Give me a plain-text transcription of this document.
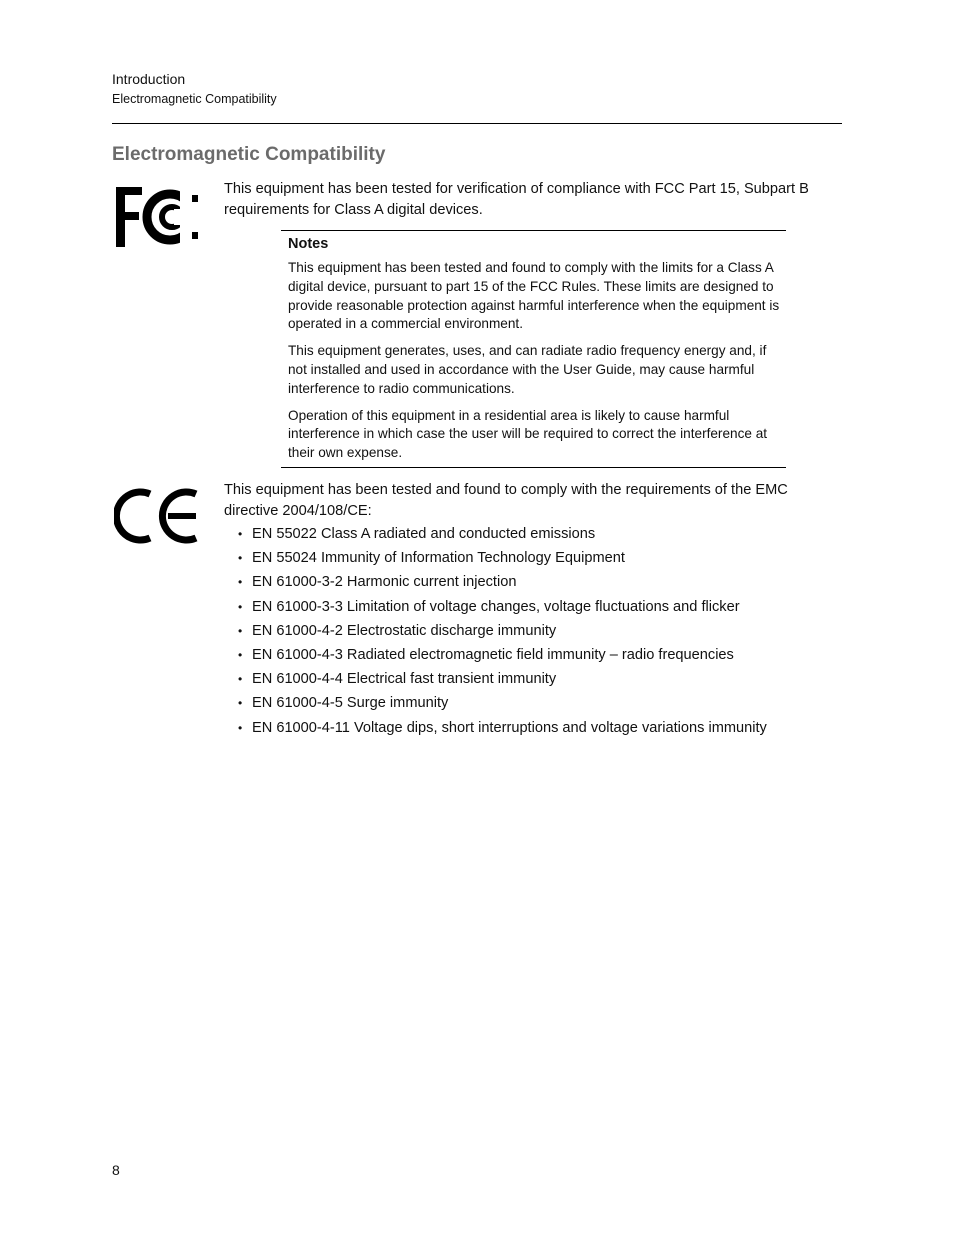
Introduction
Electromagnetic Compatibility
Electromagnetic Compatibility
This equipment has been tested for verification of compliance with FCC Part 15, Subpart B requirements for Class A digital devices.
Notes

This equipment has been tested and found to comply with the limits for a Class A digital device, pursuant to part 15 of the FCC Rules. These limits are designed to provide reasonable protection against harmful interference when the equipment is operated in a commercial environment.

This equipment generates, uses, and can radiate radio frequency energy and, if not installed and used in accordance with the User Guide, may cause harmful interference to radio communications.

Operation of this equipment in a residential area is likely to cause harmful interference in which case the user will be required to correct the interference at their own expense.

This equipment has been tested and found to comply with the requirements of the EMC directive 2004/108/CE:
• EN 55022 Class A radiated and conducted emissions
• EN 55024 Immunity of Information Technology Equipment
• EN 61000-3-2 Harmonic current injection
• EN 61000-3-3 Limitation of voltage changes, voltage fluctuations and flicker
• EN 61000-4-2 Electrostatic discharge immunity
• EN 61000-4-3 Radiated electromagnetic field immunity – radio frequencies
• EN 61000-4-4 Electrical fast transient immunity
• EN 61000-4-5 Surge immunity
• EN 61000-4-11 Voltage dips, short interruptions and voltage variations immunity
8
